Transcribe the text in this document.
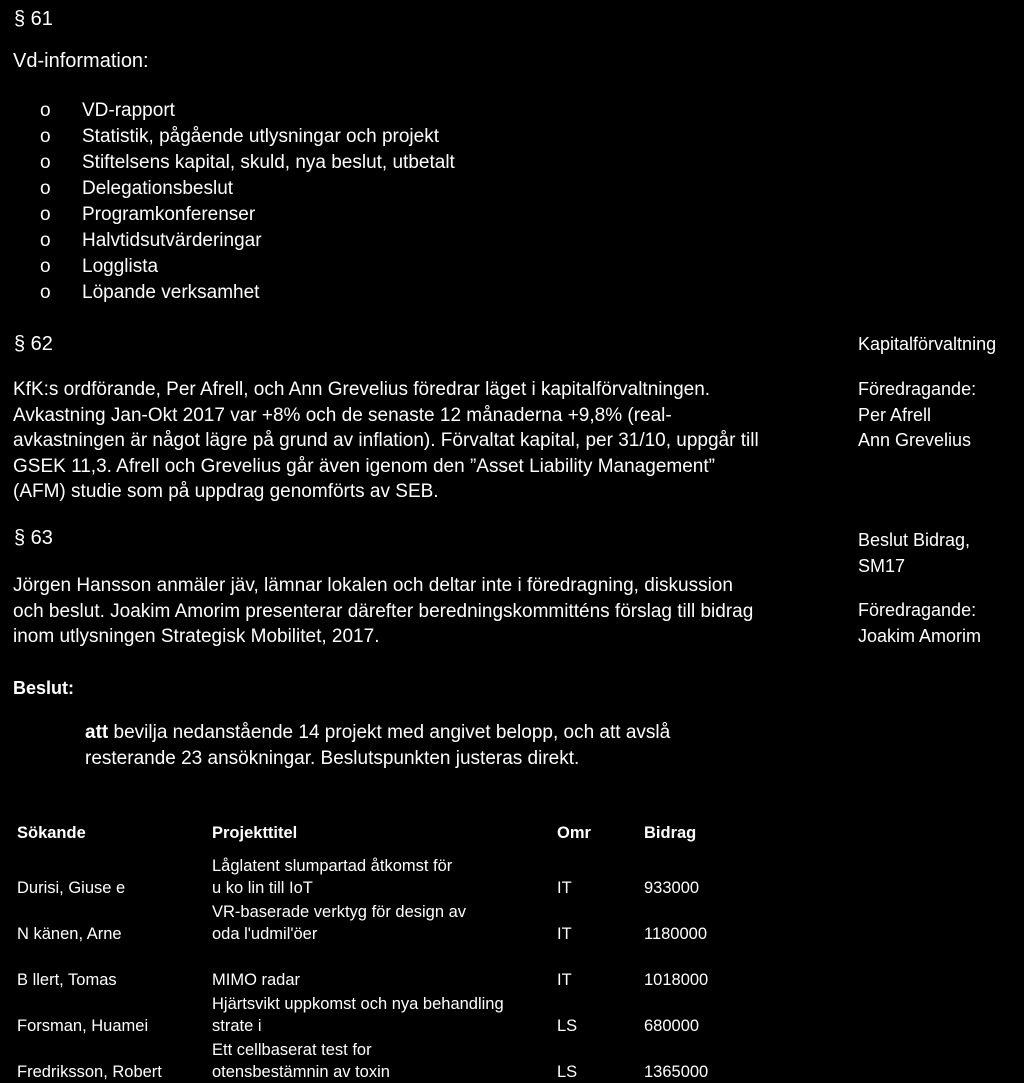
§ 61
Vd-information:
o	VD-rapport
o	Statistik, pågående utlysningar och projekt
o	Stiftelsens kapital, skuld, nya beslut, utbetalt
o	Delegationsbeslut
o	Programkonferenser
o	Halvtidsutvärderingar
o	Logglista
o	Löpande verksamhet
§ 62	Kapitalförvaltning
KfK:s ordförande, Per Afrell, och Ann Grevelius föredrar läget i kapitalförvaltningen.
Avkastning Jan-Okt 2017 var +8% och de senaste 12 månaderna +9,8% (real-
avkastningen är något lägre på grund av inflation). Förvaltat kapital, per 31/10, uppgår till
GSEK 11,3. Afrell och Grevelius går även igenom den ”Asset Liability Management”
(AFM) studie som på uppdrag genomförts av SEB.
Föredragande:
Per Afrell
Ann Grevelius
§ 63	Beslut Bidrag,
SM17
Jörgen Hansson anmäler jäv, lämnar lokalen och deltar inte i föredragning, diskussion
och beslut. Joakim Amorim presenterar därefter beredningskommitténs förslag till bidrag
inom utlysningen Strategisk Mobilitet, 2017.
Föredragande:
Joakim Amorim
Beslut:
att bevilja nedanstående 14 projekt med angivet belopp, och att avslå
resterande 23 ansökningar. Beslutspunkten justeras direkt.
Sökande	Projekttitel	Omr	Bidrag

Durisi, Giuse e	Låglatent slumpartad åtkomst för
u ko lin till IoT	IT	933000
N känen, Arne	VR-baserade verktyg för design av
oda l'udmil'öer	IT	1180000
B llert, Tomas	MIMO radar	IT	1018000
Forsman, Huamei	Hjärtsvikt uppkomst och nya behandling
strate i	LS	680000
Fredriksson, Robert	Ett cellbaserat test for
otensbestämnin av toxin	LS	1365000
